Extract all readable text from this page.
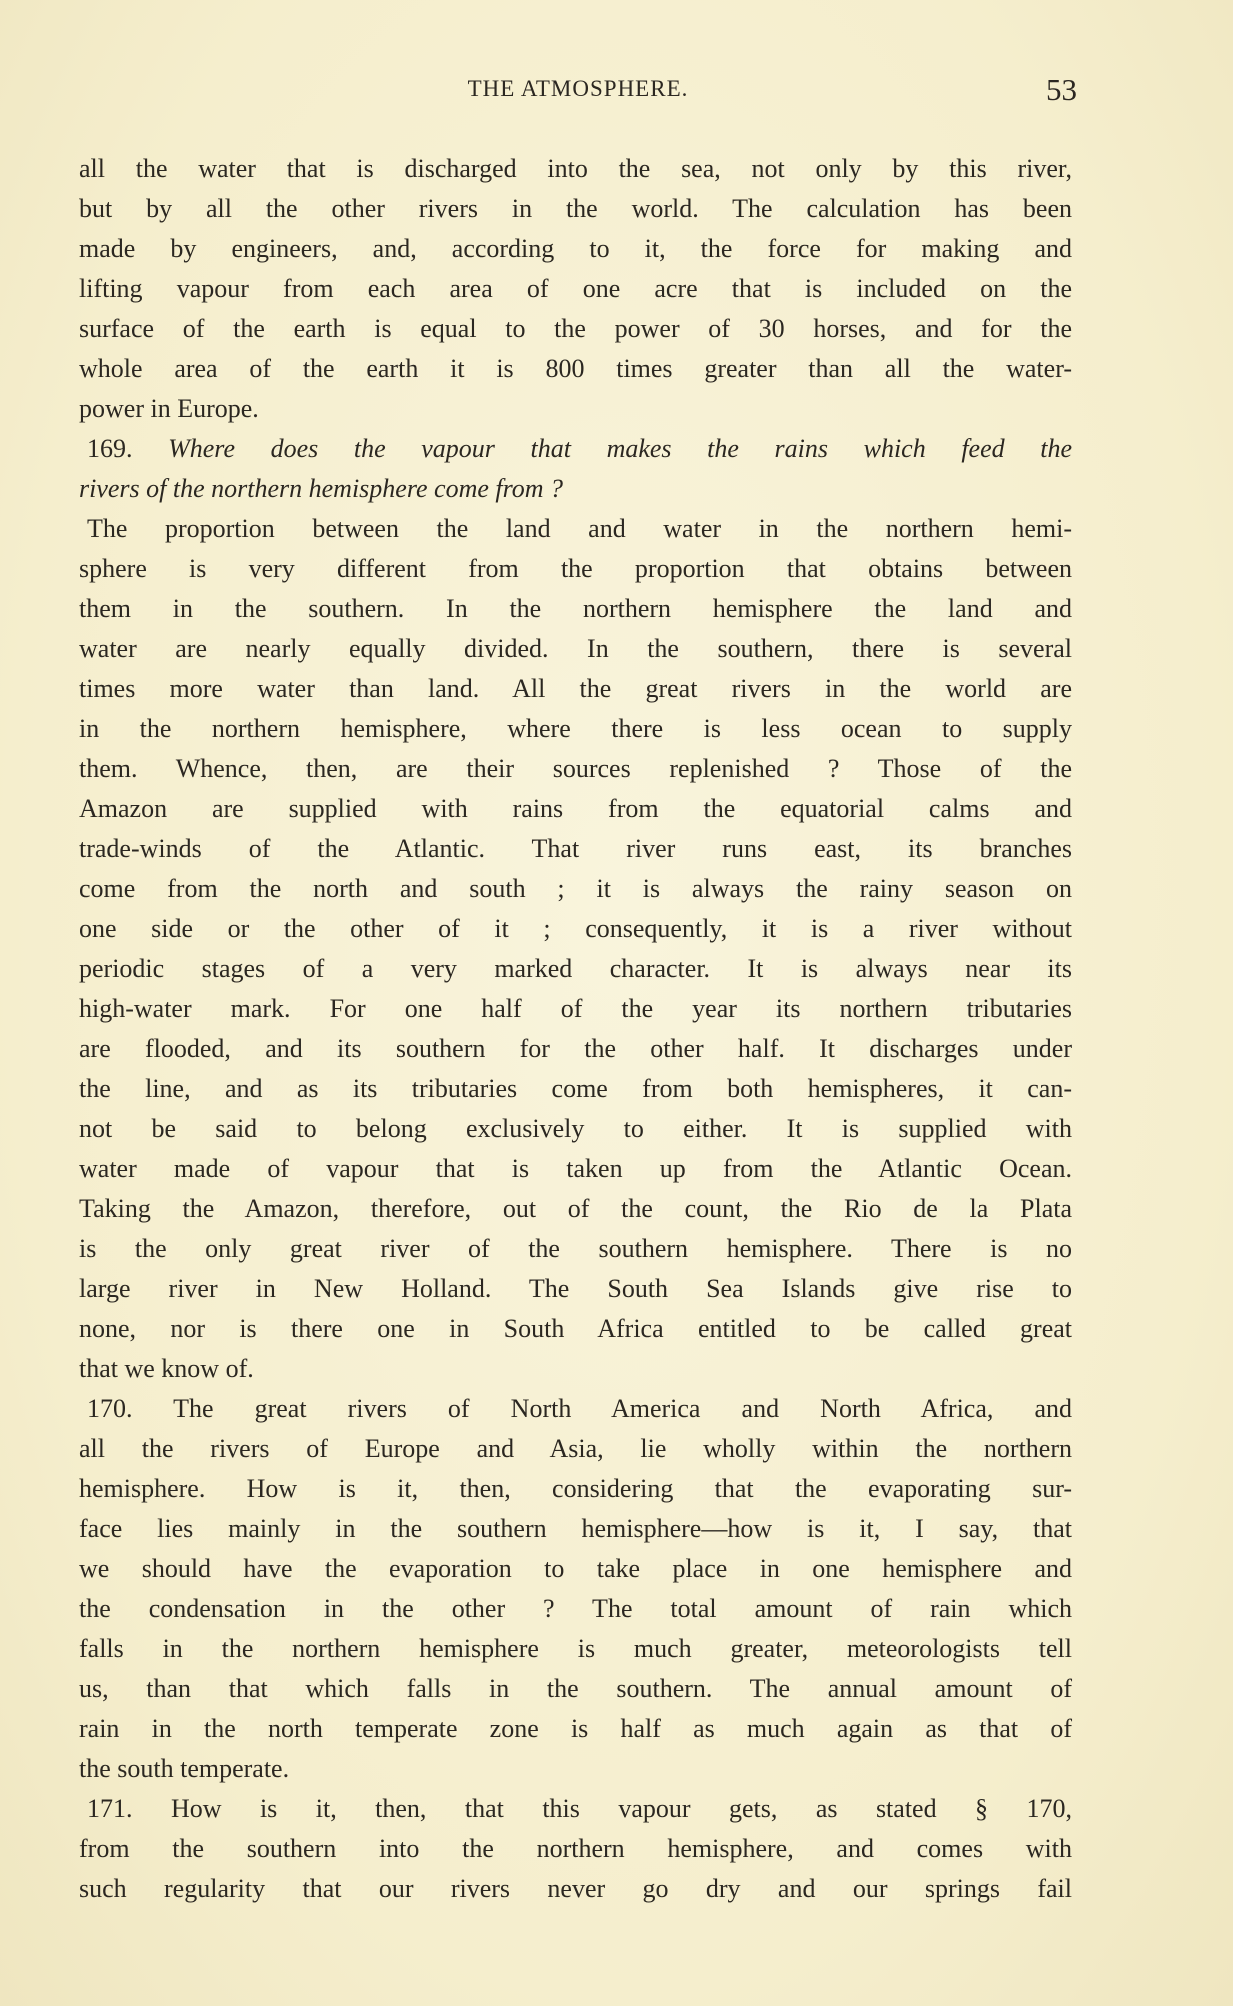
THE ATMOSPHERE.	53
all the water that is discharged into the sea, not only by this river,
but by all the other rivers in the world. The calculation has been
made by engineers, and, according to it, the force for making and
lifting vapour from each area of one acre that is included on the
surface of the earth is equal to the power of 30 horses, and for the
whole area of the earth it is 800 times greater than all the water-
power in Europe.
169. Where does the vapour that makes the rains which feed the
rivers of the northern hemisphere come from ?
The proportion between the land and water in the northern hemi-
sphere is very different from the proportion that obtains between
them in the southern. In the northern hemisphere the land and
water are nearly equally divided. In the southern, there is several
times more water than land. All the great rivers in the world are
in the northern hemisphere, where there is less ocean to supply
them. Whence, then, are their sources replenished ? Those of the
Amazon are supplied with rains from the equatorial calms and
trade-winds of the Atlantic. That river runs east, its branches
come from the north and south ; it is always the rainy season on
one side or the other of it ; consequently, it is a river without
periodic stages of a very marked character. It is always near its
high-water mark. For one half of the year its northern tributaries
are flooded, and its southern for the other half. It discharges under
the line, and as its tributaries come from both hemispheres, it can-
not be said to belong exclusively to either. It is supplied with
water made of vapour that is taken up from the Atlantic Ocean.
Taking the Amazon, therefore, out of the count, the Rio de la Plata
is the only great river of the southern hemisphere. There is no
large river in New Holland. The South Sea Islands give rise to
none, nor is there one in South Africa entitled to be called great
that we know of.
170. The great rivers of North America and North Africa, and
all the rivers of Europe and Asia, lie wholly within the northern
hemisphere. How is it, then, considering that the evaporating sur-
face lies mainly in the southern hemisphere—how is it, I say, that
we should have the evaporation to take place in one hemisphere and
the condensation in the other ? The total amount of rain which
falls in the northern hemisphere is much greater, meteorologists tell
us, than that which falls in the southern. The annual amount of
rain in the north temperate zone is half as much again as that of
the south temperate.
171. How is it, then, that this vapour gets, as stated § 170,
from the southern into the northern hemisphere, and comes with
such regularity that our rivers never go dry and our springs fail
